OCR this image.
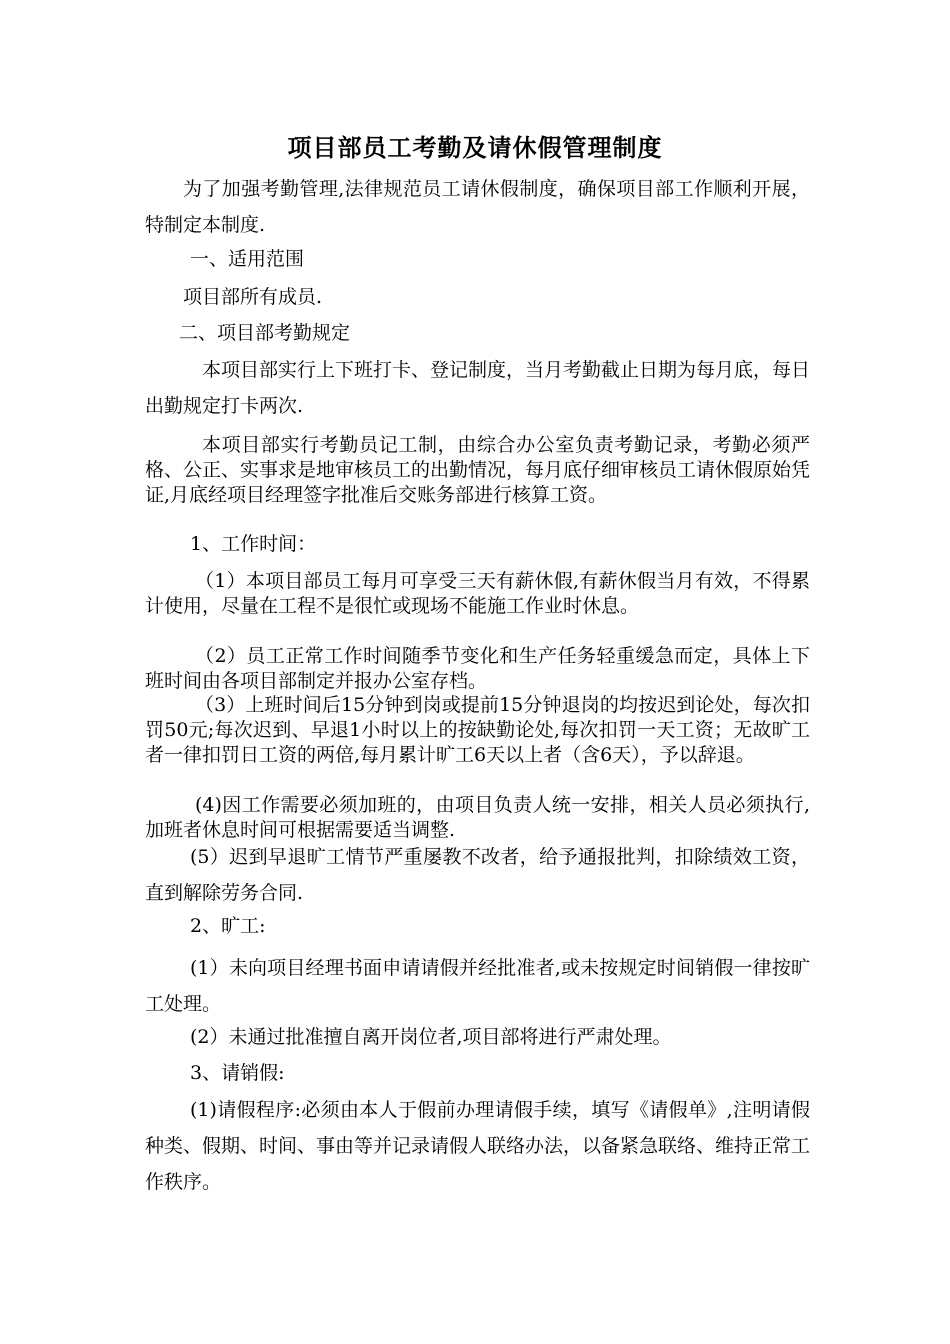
项目部员工考勤及请休假管理制度

为了加强考勤管理,法律规范员工请休假制度，确保项目部工作顺利开展，特制定本制度.

一、适用范围

项目部所有成员.

二、项目部考勤规定

本项目部实行上下班打卡、登记制度，当月考勤截止日期为每月底，每日出勤规定打卡两次.

本项目部实行考勤员记工制，由综合办公室负责考勤记录，考勤必须严格、公正、实事求是地审核员工的出勤情况，每月底仔细审核员工请休假原始凭证,月底经项目经理签字批准后交账务部进行核算工资。

1、工作时间：

（1）本项目部员工每月可享受三天有薪休假,有薪休假当月有效，不得累计使用，尽量在工程不是很忙或现场不能施工作业时休息。

（2）员工正常工作时间随季节变化和生产任务轻重缓急而定，具体上下班时间由各项目部制定并报办公室存档。

（3）上班时间后15分钟到岗或提前15分钟退岗的均按迟到论处，每次扣罚50元;每次迟到、早退1小时以上的按缺勤论处,每次扣罚一天工资；无故旷工者一律扣罚日工资的两倍,每月累计旷工6天以上者（含6天），予以辞退。

(4)因工作需要必须加班的，由项目负责人统一安排，相关人员必须执行,加班者休息时间可根据需要适当调整.

(5）迟到早退旷工情节严重屡教不改者，给予通报批判，扣除绩效工资，直到解除劳务合同.

2、旷工:

(1）未向项目经理书面申请请假并经批准者,或未按规定时间销假一律按旷工处理。

(2）未通过批准擅自离开岗位者,项目部将进行严肃处理。

3、请销假:

(1)请假程序:必须由本人于假前办理请假手续，填写《请假单》,注明请假种类、假期、时间、事由等并记录请假人联络办法，以备紧急联络、维持正常工作秩序。
